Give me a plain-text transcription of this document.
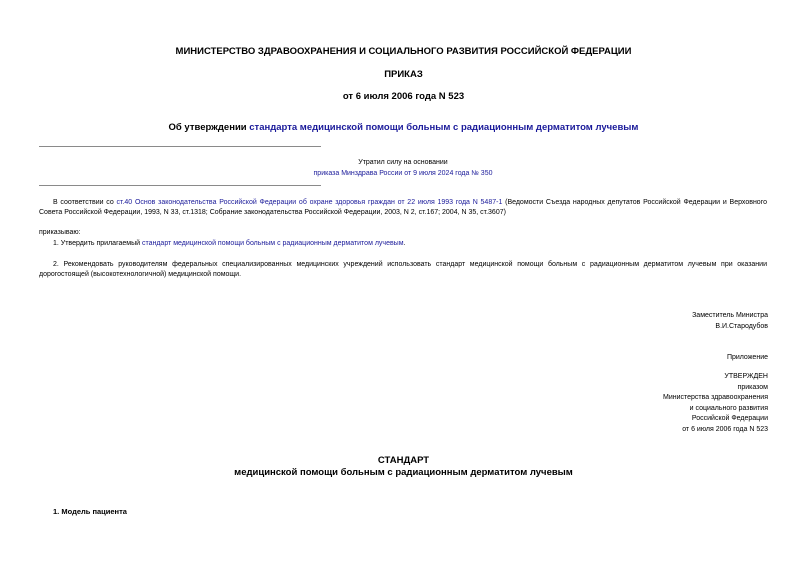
МИНИСТЕРСТВО ЗДРАВООХРАНЕНИЯ И СОЦИАЛЬНОГО РАЗВИТИЯ РОССИЙСКОЙ ФЕДЕРАЦИИ
ПРИКАЗ
от 6 июля 2006 года N 523
Об утверждении стандарта медицинской помощи больным с радиационным дерматитом лучевым
Утратил силу на основании
приказа Минздрава России от 9 июля 2024 года № 350
В соответствии со ст.40 Основ законодательства Российской Федерации об охране здоровья граждан от 22 июля 1993 года N 5487-1 (Ведомости Съезда народных депутатов Российской Федерации и Верховного Совета Российской Федерации, 1993, N 33, ст.1318; Собрание законодательства Российской Федерации, 2003, N 2, ст.167; 2004, N 35, ст.3607)
приказываю:
1. Утвердить прилагаемый стандарт медицинской помощи больным с радиационным дерматитом лучевым.
2. Рекомендовать руководителям федеральных специализированных медицинских учреждений использовать стандарт медицинской помощи больным с радиационным дерматитом лучевым при оказании дорогостоящей (высокотехнологичной) медицинской помощи.
Заместитель Министра
В.И.Стародубов
Приложение
УТВЕРЖДЕН
приказом
Министерства здравоохранения
и социального развития
Российской Федерации
от 6 июля 2006 года N 523
СТАНДАРТ
медицинской помощи больным с радиационным дерматитом лучевым
1. Модель пациента
